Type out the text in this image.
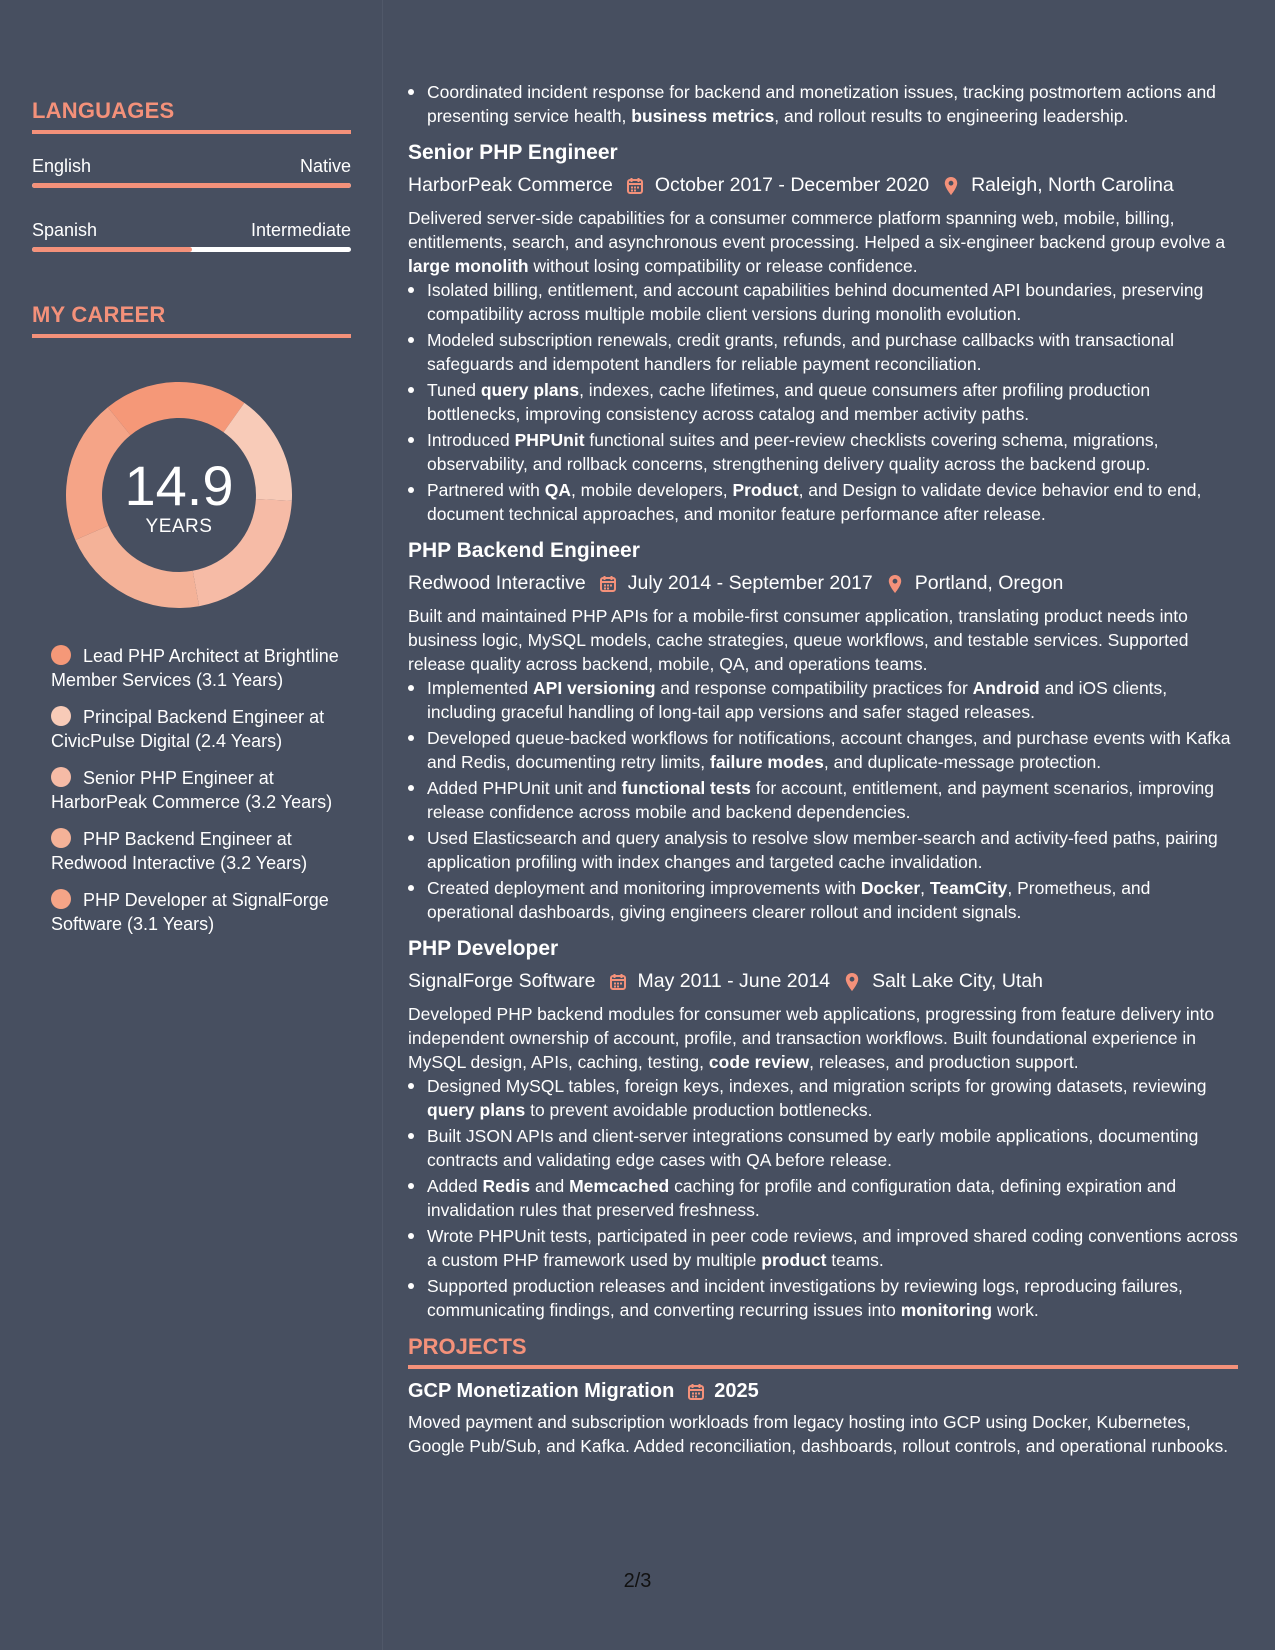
LANGUAGES
English	Native
Spanish	Intermediate
MY CAREER
14.9
YEARS
Lead PHP Architect at Brightline Member Services (3.1 Years)
Principal Backend Engineer at CivicPulse Digital (2.4 Years)
Senior PHP Engineer at HarborPeak Commerce (3.2 Years)
PHP Backend Engineer at Redwood Interactive (3.2 Years)
PHP Developer at SignalForge Software (3.1 Years)
Coordinated incident response for backend and monetization issues, tracking postmortem actions and presenting service health, business metrics, and rollout results to engineering leadership.
Senior PHP Engineer
HarborPeak Commerce October 2017 - December 2020 Raleigh, North Carolina
Delivered server-side capabilities for a consumer commerce platform spanning web, mobile, billing, entitlements, search, and asynchronous event processing. Helped a six-engineer backend group evolve a large monolith without losing compatibility or release confidence.
Isolated billing, entitlement, and account capabilities behind documented API boundaries, preserving compatibility across multiple mobile client versions during monolith evolution.
Modeled subscription renewals, credit grants, refunds, and purchase callbacks with transactional safeguards and idempotent handlers for reliable payment reconciliation.
Tuned query plans, indexes, cache lifetimes, and queue consumers after profiling production bottlenecks, improving consistency across catalog and member activity paths.
Introduced PHPUnit functional suites and peer-review checklists covering schema, migrations, observability, and rollback concerns, strengthening delivery quality across the backend group.
Partnered with QA, mobile developers, Product, and Design to validate device behavior end to end, document technical approaches, and monitor feature performance after release.
PHP Backend Engineer
Redwood Interactive July 2014 - September 2017 Portland, Oregon
Built and maintained PHP APIs for a mobile-first consumer application, translating product needs into business logic, MySQL models, cache strategies, queue workflows, and testable services. Supported release quality across backend, mobile, QA, and operations teams.
Implemented API versioning and response compatibility practices for Android and iOS clients, including graceful handling of long-tail app versions and safer staged releases.
Developed queue-backed workflows for notifications, account changes, and purchase events with Kafka and Redis, documenting retry limits, failure modes, and duplicate-message protection.
Added PHPUnit unit and functional tests for account, entitlement, and payment scenarios, improving release confidence across mobile and backend dependencies.
Used Elasticsearch and query analysis to resolve slow member-search and activity-feed paths, pairing application profiling with index changes and targeted cache invalidation.
Created deployment and monitoring improvements with Docker, TeamCity, Prometheus, and operational dashboards, giving engineers clearer rollout and incident signals.
PHP Developer
SignalForge Software May 2011 - June 2014 Salt Lake City, Utah
Developed PHP backend modules for consumer web applications, progressing from feature delivery into independent ownership of account, profile, and transaction workflows. Built foundational experience in MySQL design, APIs, caching, testing, code review, releases, and production support.
Designed MySQL tables, foreign keys, indexes, and migration scripts for growing datasets, reviewing query plans to prevent avoidable production bottlenecks.
Built JSON APIs and client-server integrations consumed by early mobile applications, documenting contracts and validating edge cases with QA before release.
Added Redis and Memcached caching for profile and configuration data, defining expiration and invalidation rules that preserved freshness.
Wrote PHPUnit tests, participated in peer code reviews, and improved shared coding conventions across a custom PHP framework used by multiple product teams.
Supported production releases and incident investigations by reviewing logs, reproducing failures, communicating findings, and converting recurring issues into monitoring work.
PROJECTS
GCP Monetization Migration 2025
Moved payment and subscription workloads from legacy hosting into GCP using Docker, Kubernetes, Google Pub/Sub, and Kafka. Added reconciliation, dashboards, rollout controls, and operational runbooks.
2/3
